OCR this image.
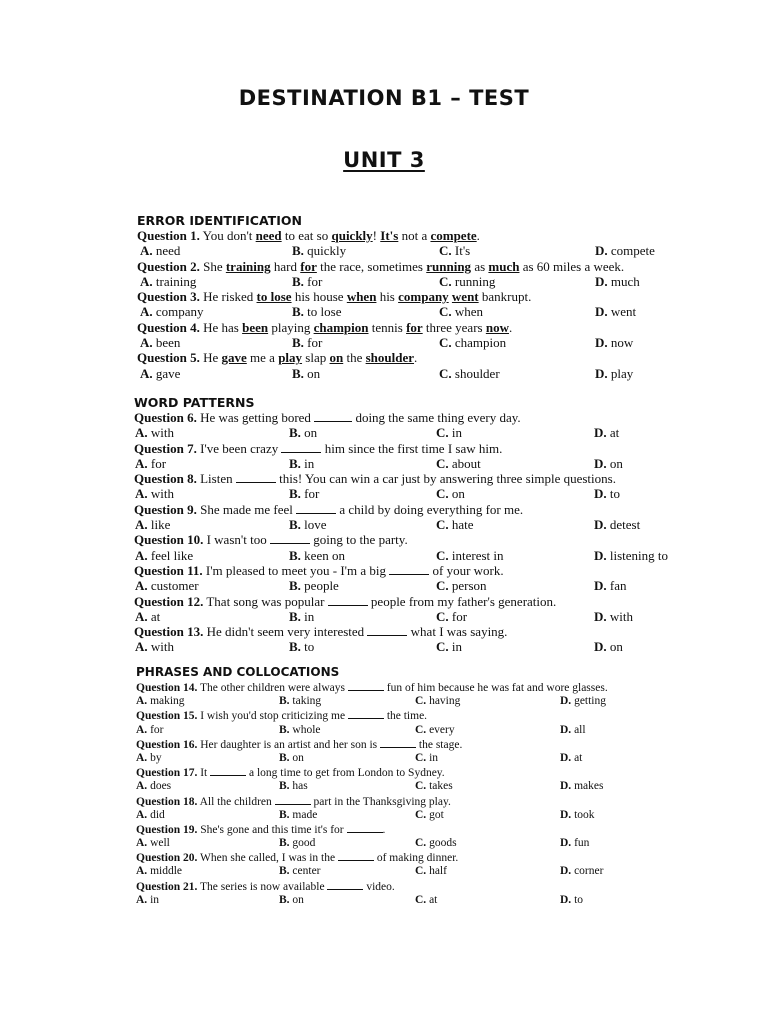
DESTINATION B1 – TEST
UNIT 3
ERROR IDENTIFICATION
Question 1. You don't need to eat so quickly! It's not a compete.
A. need	B. quickly	C. It's	D. compete
Question 2. She training hard for the race, sometimes running as much as 60 miles a week.
A. training	B. for	C. running	D. much
Question 3. He risked to lose his house when his company went bankrupt.
A. company	B. to lose	C. when	D. went
Question 4. He has been playing champion tennis for three years now.
A. been	B. for	C. champion	D. now
Question 5. He gave me a play slap on the shoulder.
A. gave	B. on	C. shoulder	D. play
WORD PATTERNS
Question 6. He was getting bored	doing the same thing every day.
A. with	B. on	C. in	D. at
Question 7. I've been crazy	him since the first time I saw him.
A. for	B. in	C. about	D. on
Question 8. Listen	this! You can win a car just by answering three simple questions.
A. with	B. for	C. on	D. to
Question 9. She made me feel	a child by doing everything for me.
A. like	B. love	C. hate	D. detest
Question 10. I wasn't too	going to the party.
A. feel like	B. keen on	C. interest in	D. listening to
Question 11. I'm pleased to meet you - I'm a big	of your work.
A. customer	B. people	C. person	D. fan
Question 12. That song was popular	people from my father's generation.
A. at	B. in	C. for	D. with
Question 13. He didn't seem very interested	what I was saying.
A. with	B. to	C. in	D. on
PHRASES AND COLLOCATIONS
Question 14. The other children were always	fun of him because he was fat and wore glasses.
A. making	B. taking	C. having	D. getting
Question 15. I wish you'd stop criticizing me	the time.
A. for	B. whole	C. every	D. all
Question 16. Her daughter is an artist and her son is	the stage.
A. by	B. on	C. in	D. at
Question 17. It	a long time to get from London to Sydney.
A. does	B. has	C. takes	D. makes
Question 18. All the children	part in the Thanksgiving play.
A. did	B. made	C. got	D. took
Question 19. She's gone and this time it's for	.
A. well	B. good	C. goods	D. fun
Question 20. When she called, I was in the	of making dinner.
A. middle	B. center	C. half	D. corner
Question 21. The series is now available	video.
A. in	B. on	C. at	D. to
